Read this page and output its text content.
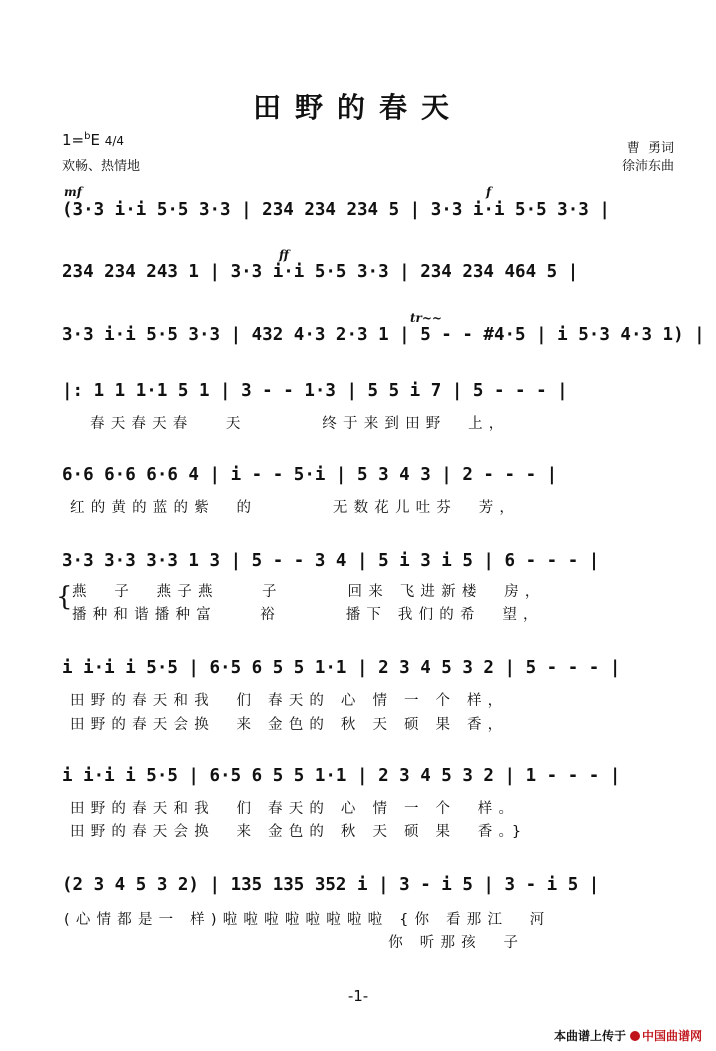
田野的春天
1=$^b$E 4/4
欢畅、热情地
曹  勇词
徐沛东曲
mf	f
(3·3 i·i 5·5 3·3 | 234 234 234 5 | 3·3 i·i 5·5 3·3 |
ff
234 234 243 1 | 3·3 i·i 5·5 3·3 | 234 234 464 5 |
tr~~
3·3 i·i 5·5 3·3 | 432 4·3 2·3 1 | 5 - - #4·5 | i 5·3 4·3 1) |
|: 1 1 1·1 5 1 | 3 - - 1·3 | 5 5 i 7 | 5 - - - |
春天春天春   天       终于来到田野  上，
6·6 6·6 6·6 4 | i - - 5·i | 5 3 4 3 | 2 - - - |
红的黄的蓝的紫  的       无数花儿吐芬  芳，
3·3 3·3 3·3 1 3 | 5 - - 3 4 | 5 i 3 i 5 | 6 - - - |
{ 燕  子  燕子燕    子      回来 飞进新楼  房，
播种和谐播种富    裕      播下 我们的希  望，
i i·i i 5·5 | 6·5 6 5 5 1·1 | 2 3 4 5 3 2 | 5 - - - |
田野的春天和我  们 春天的 心 情 一 个 样，
田野的春天会换  来 金色的 秋 天 硕 果 香，
i i·i i 5·5 | 6·5 6 5 5 1·1 | 2 3 4 5 3 2 | 1 - - - |
田野的春天和我  们 春天的 心 情 一 个  样。
田野的春天会换  来 金色的 秋 天 硕 果  香。}
(2 3 4 5 3 2) | 135 135 352 i | 3 - i 5 | 3 - i 5 |
(心情都是一 样)啦啦啦啦啦啦啦啦 {你 看那江  河
你 听那孩  子
-1-
本曲谱上传于 中国曲谱网
